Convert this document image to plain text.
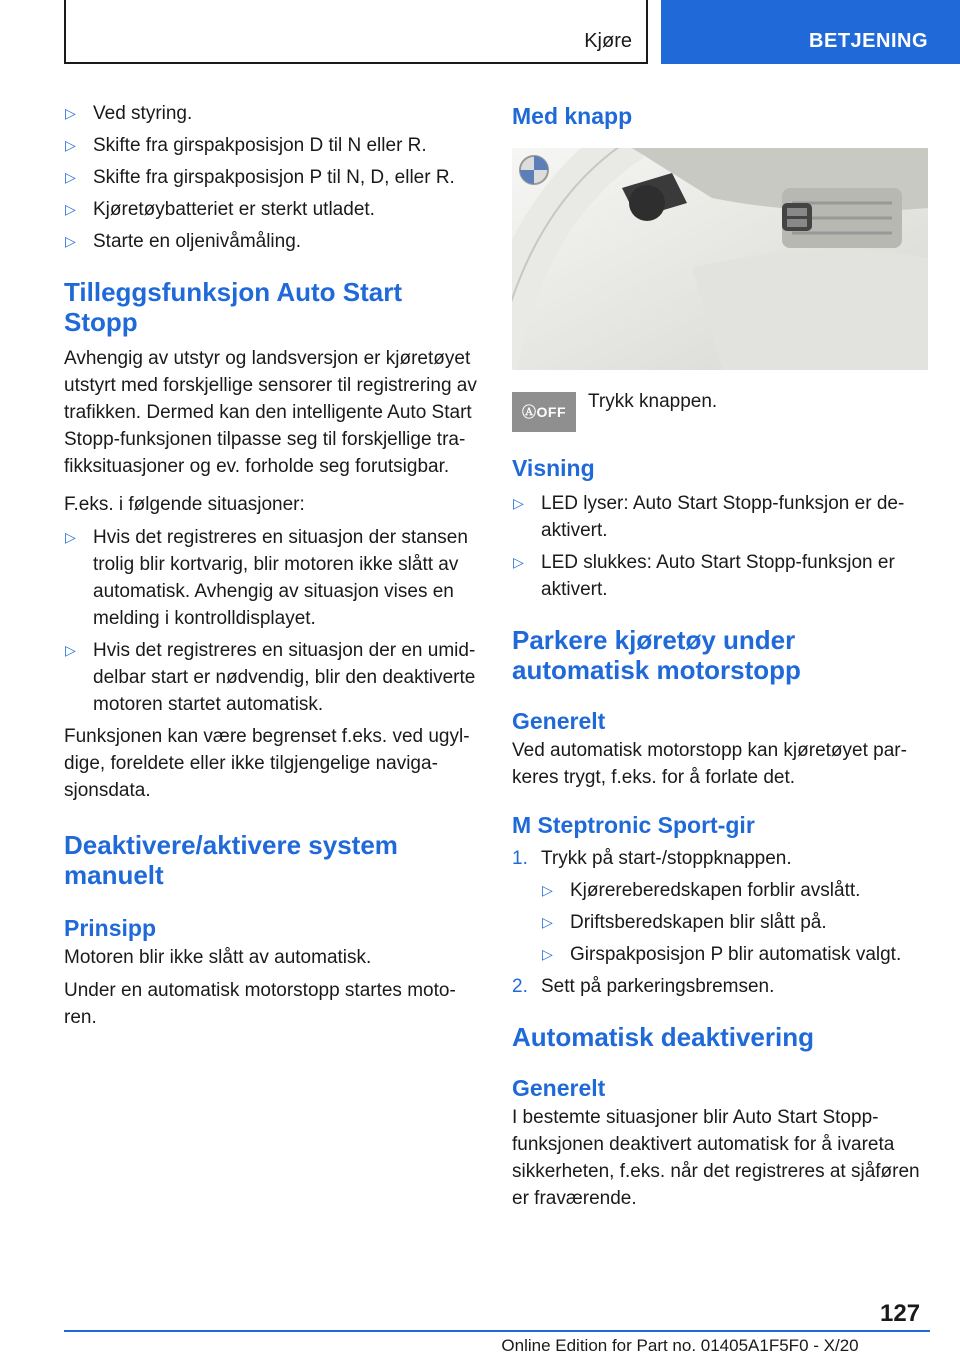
Kjøre	BETJENING
▷ Ved styring.
▷ Skifte fra girspakposisjon D til N eller R.
▷ Skifte fra girspakposisjon P til N, D, eller R.
▷ Kjøretøybatteriet er sterkt utladet.
▷ Starte en oljenivåmåling.
Tilleggsfunksjon Auto Start Stopp

Avhengig av utstyr og landsversjon er kjøretøyet utstyrt med forskjellige sensorer til registrering av trafikken. Dermed kan den intelligente Auto Start Stopp-funksjonen tilpasse seg til forskjellige trafikksituasjoner og ev. forholde seg forutsigbar.

F.eks. i følgende situasjoner:

▷ Hvis det registreres en situasjon der stansen trolig blir kortvarig, blir motoren ikke slått av automatisk. Avhengig av situasjon vises en melding i kontrolldisplayet.
▷ Hvis det registreres en situasjon der en umiddelbar start er nødvendig, blir den deaktiverte motoren startet automatisk.

Funksjonen kan være begrenset f.eks. ved ugyldige, foreldete eller ikke tilgjengelige navigasjonsdata.

Deaktivere/aktivere system manuelt
Prinsipp

Motoren blir ikke slått av automatisk.

Under en automatisk motorstopp startes motoren.

Med knapp
ⒶOFF	Trykk knappen.
Visning
▷ LED lyser: Auto Start Stopp-funksjon er deaktivert.
▷ LED slukkes: Auto Start Stopp-funksjon er aktivert.
Parkere kjøretøy under automatisk motorstopp
Generelt

Ved automatisk motorstopp kan kjøretøyet parkeres trygt, f.eks. for å forlate det.

M Steptronic Sport-gir
1. Trykk på start-/stoppknappen.
▷ Kjørereberedskapen forblir avslått.
▷ Driftsberedskapen blir slått på.
▷ Girspakposisjon P blir automatisk valgt.
2. Sett på parkeringsbremsen.
Automatisk deaktivering
Generelt

I bestemte situasjoner blir Auto Start Stopp-funksjonen deaktivert automatisk for å ivareta sikkerheten, f.eks. når det registreres at sjåføren er fraværende.

127
Online Edition for Part no. 01405A1F5F0 - X/20
